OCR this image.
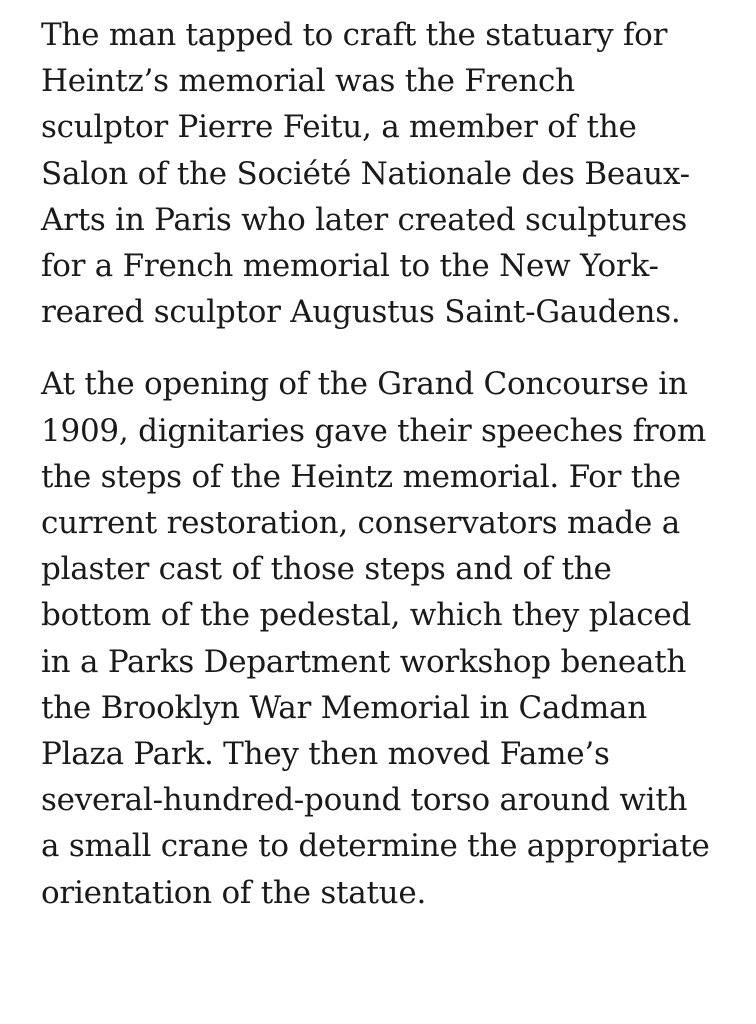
The man tapped to craft the statuary for
Heintz’s memorial was the French
sculptor Pierre Feitu, a member of the
Salon of the Société Nationale des Beaux-
Arts in Paris who later created sculptures
for a French memorial to the New York-
reared sculptor Augustus Saint-Gaudens.

At the opening of the Grand Concourse in
1909, dignitaries gave their speeches from
the steps of the Heintz memorial. For the
current restoration, conservators made a
plaster cast of those steps and of the
bottom of the pedestal, which they placed
in a Parks Department workshop beneath
the Brooklyn War Memorial in Cadman
Plaza Park. They then moved Fame’s
several-hundred-pound torso around with
a small crane to determine the appropriate
orientation of the statue.
